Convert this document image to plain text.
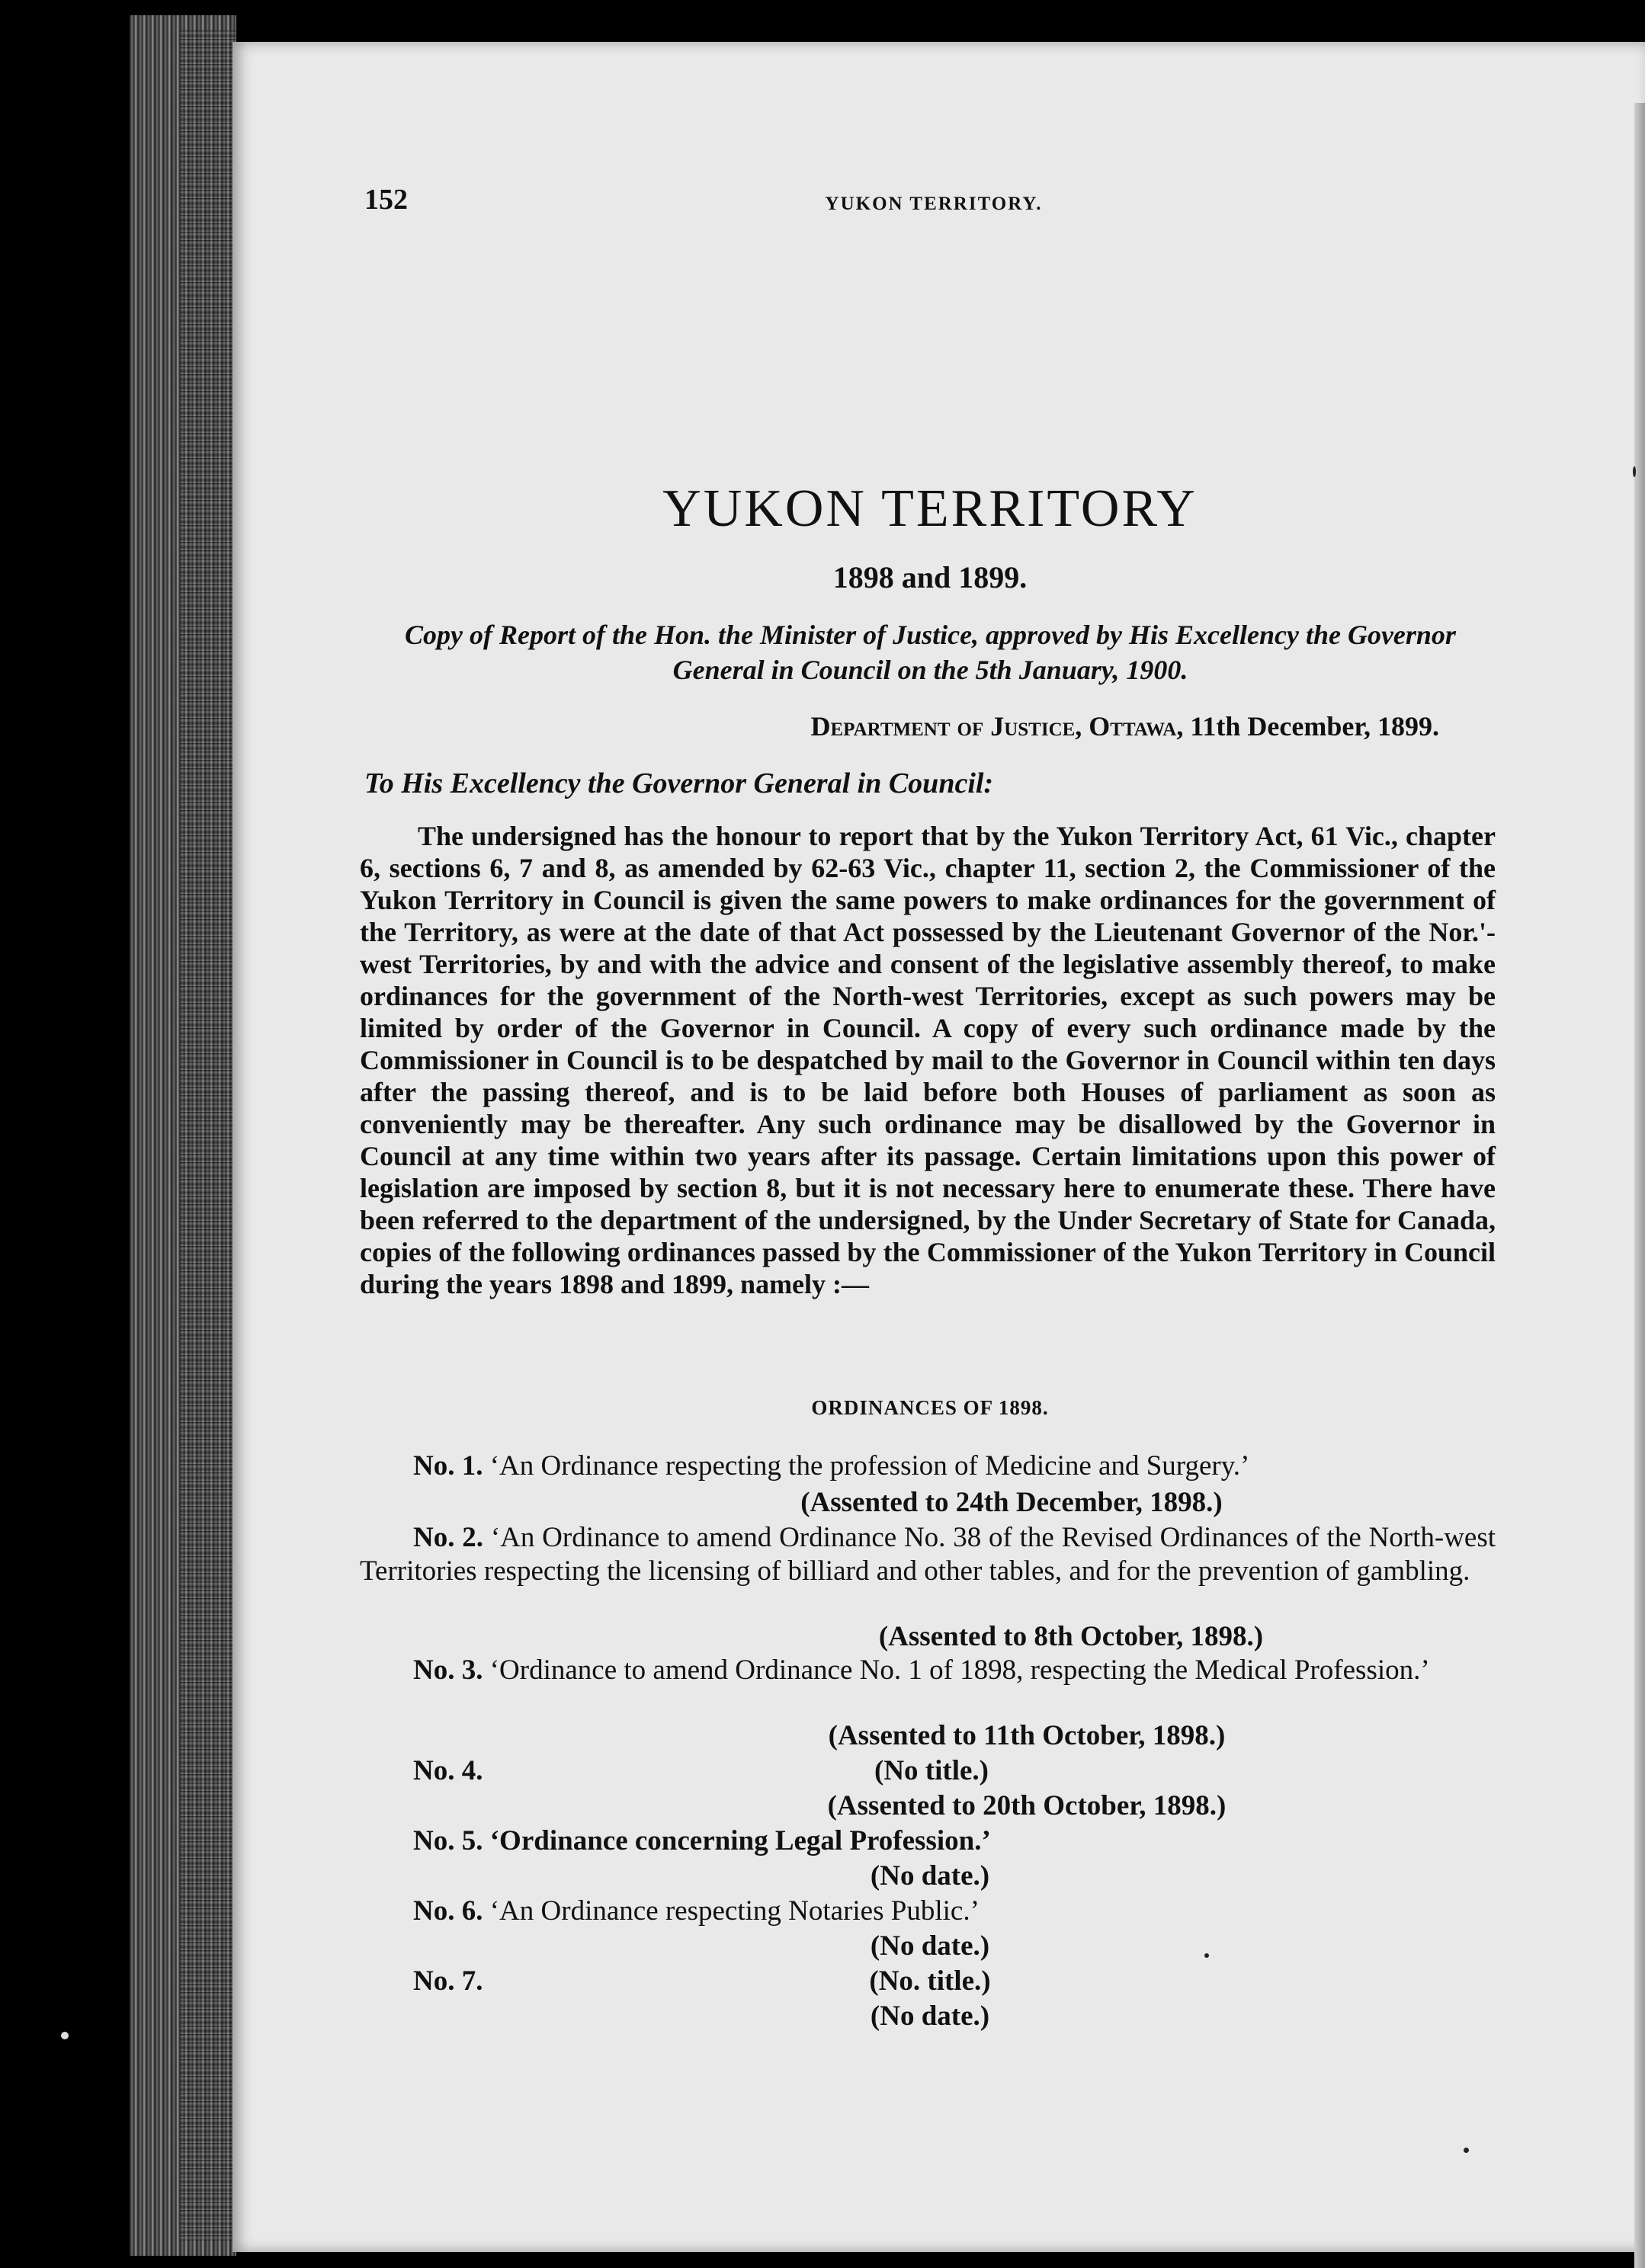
152	YUKON TERRITORY.
YUKON TERRITORY
1898 and 1899.
Copy of Report of the Hon. the Minister of Justice, approved by His Excellency the Governor General in Council on the 5th January, 1900.
Department of Justice, Ottawa, 11th December, 1899.
To His Excellency the Governor General in Council:
The undersigned has the honour to report that by the Yukon Territory Act, 61 Vic., chapter 6, sections 6, 7 and 8, as amended by 62-63 Vic., chapter 11, section 2, the Commissioner of the Yukon Territory in Council is given the same powers to make ordinances for the government of the Territory, as were at the date of that Act possessed by the Lieutenant Governor of the Nor.'-west Territories, by and with the advice and consent of the legislative assembly thereof, to make ordinances for the government of the North-west Territories, except as such powers may be limited by order of the Governor in Council. A copy of every such ordinance made by the Commissioner in Council is to be despatched by mail to the Governor in Council within ten days after the passing thereof, and is to be laid before both Houses of parliament as soon as conveniently may be thereafter. Any such ordinance may be disallowed by the Governor in Council at any time within two years after its passage. Certain limitations upon this power of legislation are imposed by section 8, but it is not necessary here to enumerate these. There have been referred to the department of the undersigned, by the Under Secretary of State for Canada, copies of the following ordinances passed by the Commissioner of the Yukon Territory in Council during the years 1898 and 1899, namely :—
ORDINANCES OF 1898.
No. 1. ‘An Ordinance respecting the profession of Medicine and Surgery.’
(Assented to 24th December, 1898.)
No. 2. ‘An Ordinance to amend Ordinance No. 38 of the Revised Ordinances of the North-west Territories respecting the licensing of billiard and other tables, and for the prevention of gambling.
(Assented to 8th October, 1898.)
No. 3. ‘Ordinance to amend Ordinance No. 1 of 1898, respecting the Medical Profession.’
(Assented to 11th October, 1898.)
No. 4.	(No title.)
(Assented to 20th October, 1898.)
No. 5. ‘Ordinance concerning Legal Profession.’
(No date.)
No. 6. ‘An Ordinance respecting Notaries Public.’
(No date.)
No. 7.	(No. title.)
(No date.)
